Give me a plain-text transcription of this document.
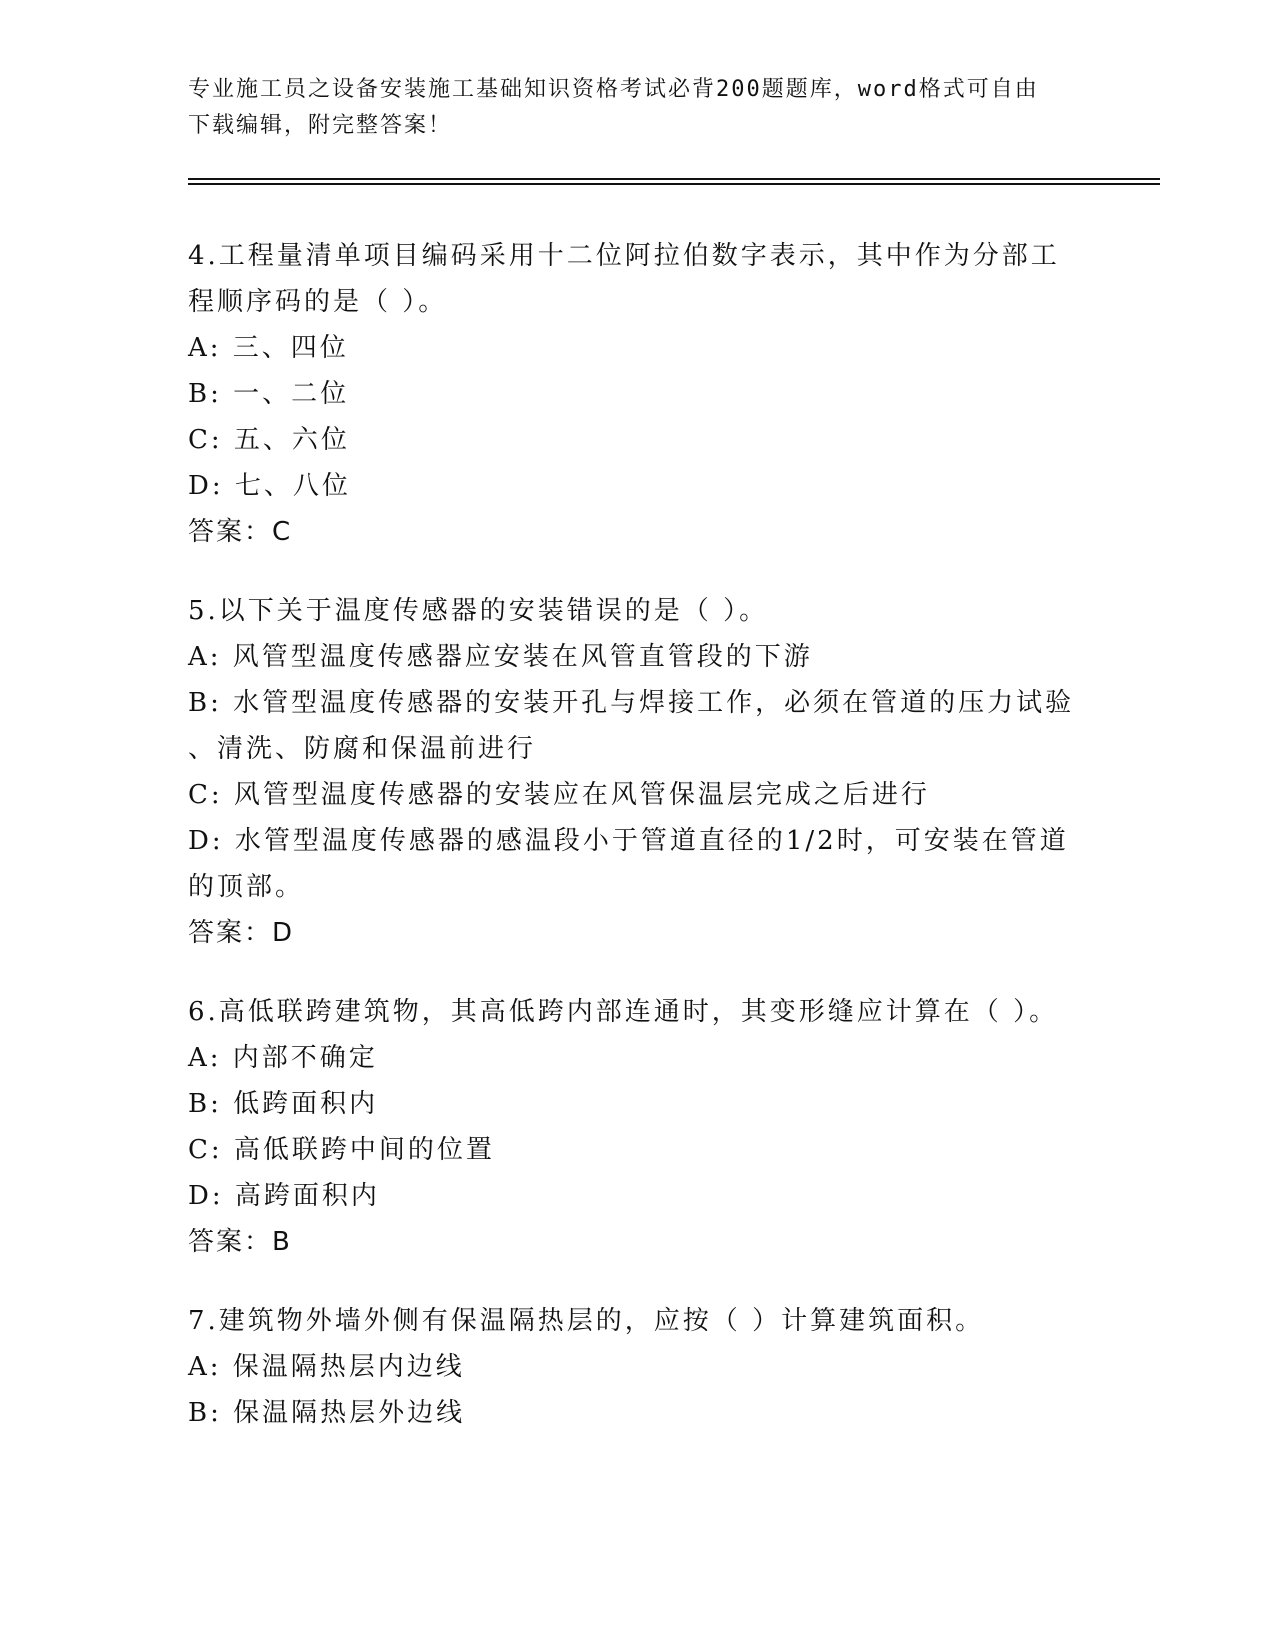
专业施工员之设备安装施工基础知识资格考试必背200题题库，word格式可自由
下载编辑，附完整答案！
4.工程量清单项目编码采用十二位阿拉伯数字表示，其中作为分部工
程顺序码的是（ ）。
A: 三、四位
B: 一、二位
C: 五、六位
D: 七、八位
答案：C
5.以下关于温度传感器的安装错误的是（ ）。
A: 风管型温度传感器应安装在风管直管段的下游
B: 水管型温度传感器的安装开孔与焊接工作，必须在管道的压力试验
、清洗、防腐和保温前进行
C: 风管型温度传感器的安装应在风管保温层完成之后进行
D: 水管型温度传感器的感温段小于管道直径的1/2时，可安装在管道
的顶部。
答案：D
6.高低联跨建筑物，其高低跨内部连通时，其变形缝应计算在（ ）。
A: 内部不确定
B: 低跨面积内
C: 高低联跨中间的位置
D: 高跨面积内
答案：B
7.建筑物外墙外侧有保温隔热层的，应按（ ）计算建筑面积。
A: 保温隔热层内边线
B: 保温隔热层外边线
